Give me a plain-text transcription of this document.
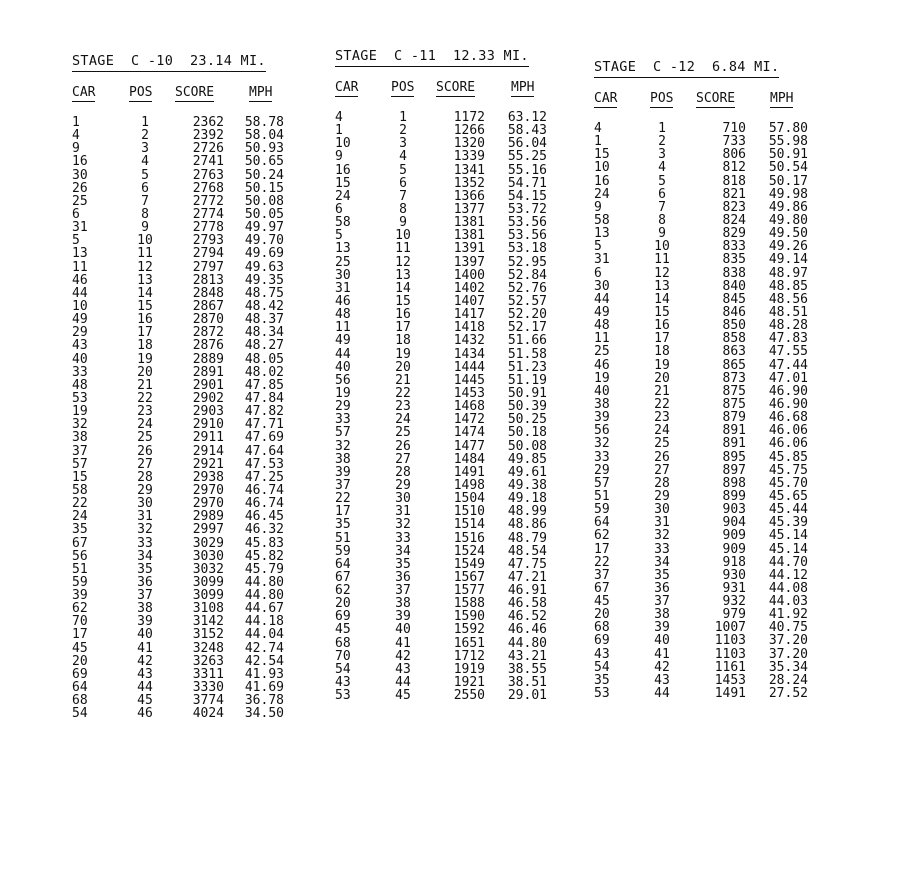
STAGE  C -10  23.14 MI.
CAR	POS SCORE	MPH
1	1	2362 58.78
4	2	2392 58.04
9	3	2726 50.93
16	4	2741 50.65
30	5	2763 50.24
26	6	2768 50.15
25	7	2772 50.08
6	8	2774 50.05
31	9	2778 49.97
5	10	2793 49.70
13	11	2794 49.69
11	12	2797 49.63
46	13	2813 49.35
44	14	2848 48.75
10	15	2867 48.42
49	16	2870 48.37
29	17	2872 48.34
43	18	2876 48.27
40	19	2889 48.05
33	20	2891 48.02
48	21	2901 47.85
53	22	2902 47.84
19	23	2903 47.82
32	24	2910 47.71
38	25	2911 47.69
37	26	2914 47.64
57	27	2921 47.53
15	28	2938 47.25
58	29	2970 46.74
22	30	2970 46.74
24	31	2989 46.45
35	32	2997 46.32
67	33	3029 45.83
56	34	3030 45.82
51	35	3032 45.79
59	36	3099 44.80
39	37	3099 44.80
62	38	3108 44.67
70	39	3142 44.18
17	40	3152 44.04
45	41	3248 42.74
20	42	3263 42.54
69	43	3311 41.93
64	44	3330 41.69
68	45	3774 36.78
54	46	4024 34.50
STAGE  C -11  12.33 MI.
CAR	POS SCORE	MPH
4	1	1172 63.12
1	2	1266 58.43
10	3	1320 56.04
9	4	1339 55.25
16	5	1341 55.16
15	6	1352 54.71
24	7	1366 54.15
6	8	1377 53.72
58	9	1381 53.56
5	10	1381 53.56
13	11	1391 53.18
25	12	1397 52.95
30	13	1400 52.84
31	14	1402 52.76
46	15	1407 52.57
48	16	1417 52.20
11	17	1418 52.17
49	18	1432 51.66
44	19	1434 51.58
40	20	1444 51.23
56	21	1445 51.19
19	22	1453 50.91
29	23	1468 50.39
33	24	1472 50.25
57	25	1474 50.18
32	26	1477 50.08
38	27	1484 49.85
39	28	1491 49.61
37	29	1498 49.38
22	30	1504 49.18
17	31	1510 48.99
35	32	1514 48.86
51	33	1516 48.79
59	34	1524 48.54
64	35	1549 47.75
67	36	1567 47.21
62	37	1577 46.91
20	38	1588 46.58
69	39	1590 46.52
45	40	1592 46.46
68	41	1651 44.80
70	42	1712 43.21
54	43	1919 38.55
43	44	1921 38.51
53	45	2550 29.01
STAGE  C -12  6.84 MI.
CAR	POS SCORE	MPH
4	1	710 57.80
1	2	733 55.98
15	3	806 50.91
10	4	812 50.54
16	5	818 50.17
24	6	821 49.98
9	7	823 49.86
58	8	824 49.80
13	9	829 49.50
5	10	833 49.26
31	11	835 49.14
6	12	838 48.97
30	13	840 48.85
44	14	845 48.56
49	15	846 48.51
48	16	850 48.28
11	17	858 47.83
25	18	863 47.55
46	19	865 47.44
19	20	873 47.01
40	21	875 46.90
38	22	875 46.90
39	23	879 46.68
56	24	891 46.06
32	25	891 46.06
33	26	895 45.85
29	27	897 45.75
57	28	898 45.70
51	29	899 45.65
59	30	903 45.44
64	31	904 45.39
62	32	909 45.14
17	33	909 45.14
22	34	918 44.70
37	35	930 44.12
67	36	931 44.08
45	37	932 44.03
20	38	979 41.92
68	39	1007 40.75
69	40	1103 37.20
43	41	1103 37.20
54	42	1161 35.34
35	43	1453 28.24
53	44	1491 27.52
